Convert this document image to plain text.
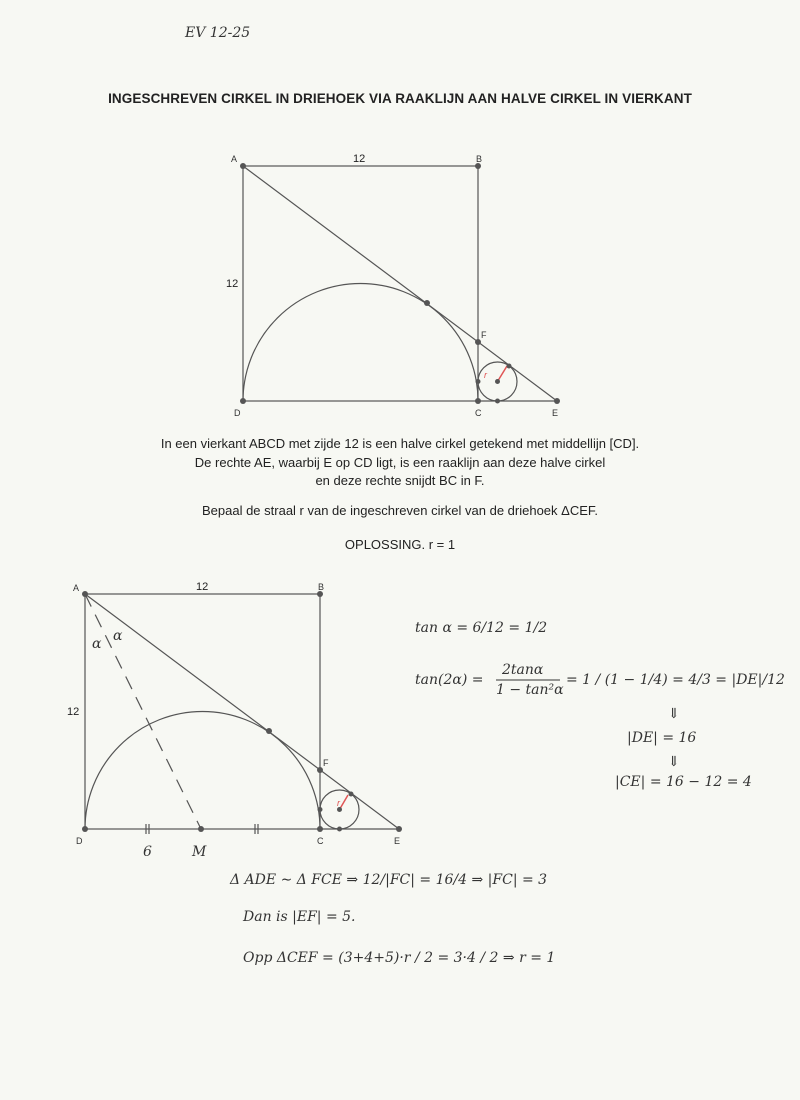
EV 12-25
INGESCHREVEN CIRKEL IN DRIEHOEK VIA RAAKLIJN AAN HALVE CIRKEL IN VIERKANT
A	B
C
D	E
F
12
12
r
A	B
C
D	E
F
12
12
r
α α
6	M
tan α = 6/12 = 1/2
tan(2α) =
2tanα
1 − tan²α
= 1 / (1 − 1/4) = 4/3 = |DE|/12
⇓
|DE| = 16
⇓
|CE| = 16 − 12 = 4
Δ ADE ∼ Δ FCE ⇒ 12/|FC| = 16/4 ⇒ |FC| = 3
Dan is |EF| = 5.
Opp ΔCEF = (3+4+5)·r / 2 = 3·4 / 2 ⇒ r = 1
In een vierkant ABCD met zijde 12 is een halve cirkel getekend met middellijn [CD].
De rechte AE, waarbij E op CD ligt, is een raaklijn aan deze halve cirkel
en deze rechte snijdt BC in F.
Bepaal de straal r van de ingeschreven cirkel van de driehoek ΔCEF.
OPLOSSING. r = 1
